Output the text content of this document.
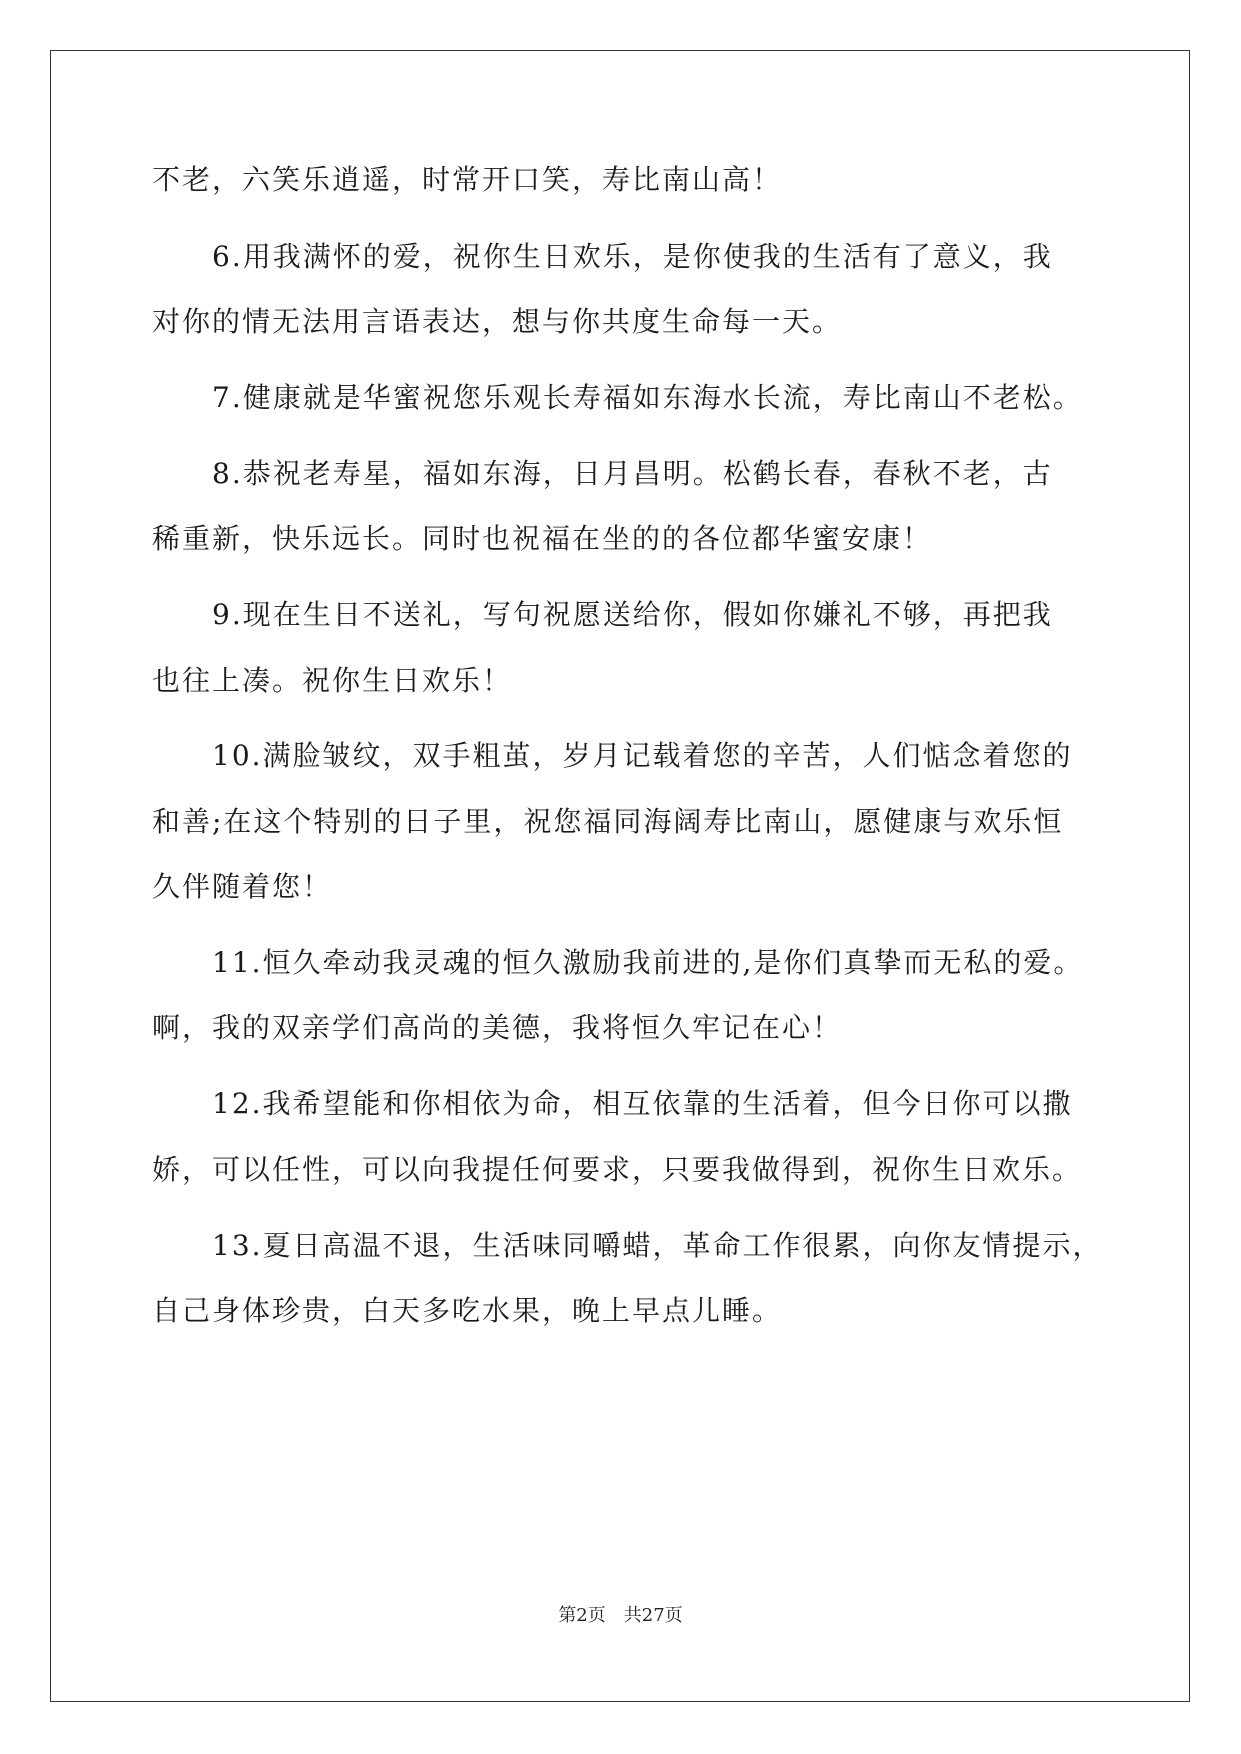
不老，六笑乐逍遥，时常开口笑，寿比南山高！
　　6.用我满怀的爱，祝你生日欢乐，是你使我的生活有了意义，我
对你的情无法用言语表达，想与你共度生命每一天。
　　7.健康就是华蜜祝您乐观长寿福如东海水长流，寿比南山不老松。
　　8.恭祝老寿星，福如东海，日月昌明。松鹤长春，春秋不老，古
稀重新，快乐远长。同时也祝福在坐的的各位都华蜜安康！
　　9.现在生日不送礼，写句祝愿送给你，假如你嫌礼不够，再把我
也往上凑。祝你生日欢乐！
　　10.满脸皱纹，双手粗茧，岁月记载着您的辛苦，人们惦念着您的
和善;在这个特别的日子里，祝您福同海阔寿比南山，愿健康与欢乐恒
久伴随着您！
　　11.恒久牵动我灵魂的恒久激励我前进的,是你们真挚而无私的爱。
啊，我的双亲学们高尚的美德，我将恒久牢记在心！
　　12.我希望能和你相依为命，相互依靠的生活着，但今日你可以撒
娇，可以任性，可以向我提任何要求，只要我做得到，祝你生日欢乐。
　　13.夏日高温不退，生活味同嚼蜡，革命工作很累，向你友情提示，
自己身体珍贵，白天多吃水果，晚上早点儿睡。
第2页 共27页
